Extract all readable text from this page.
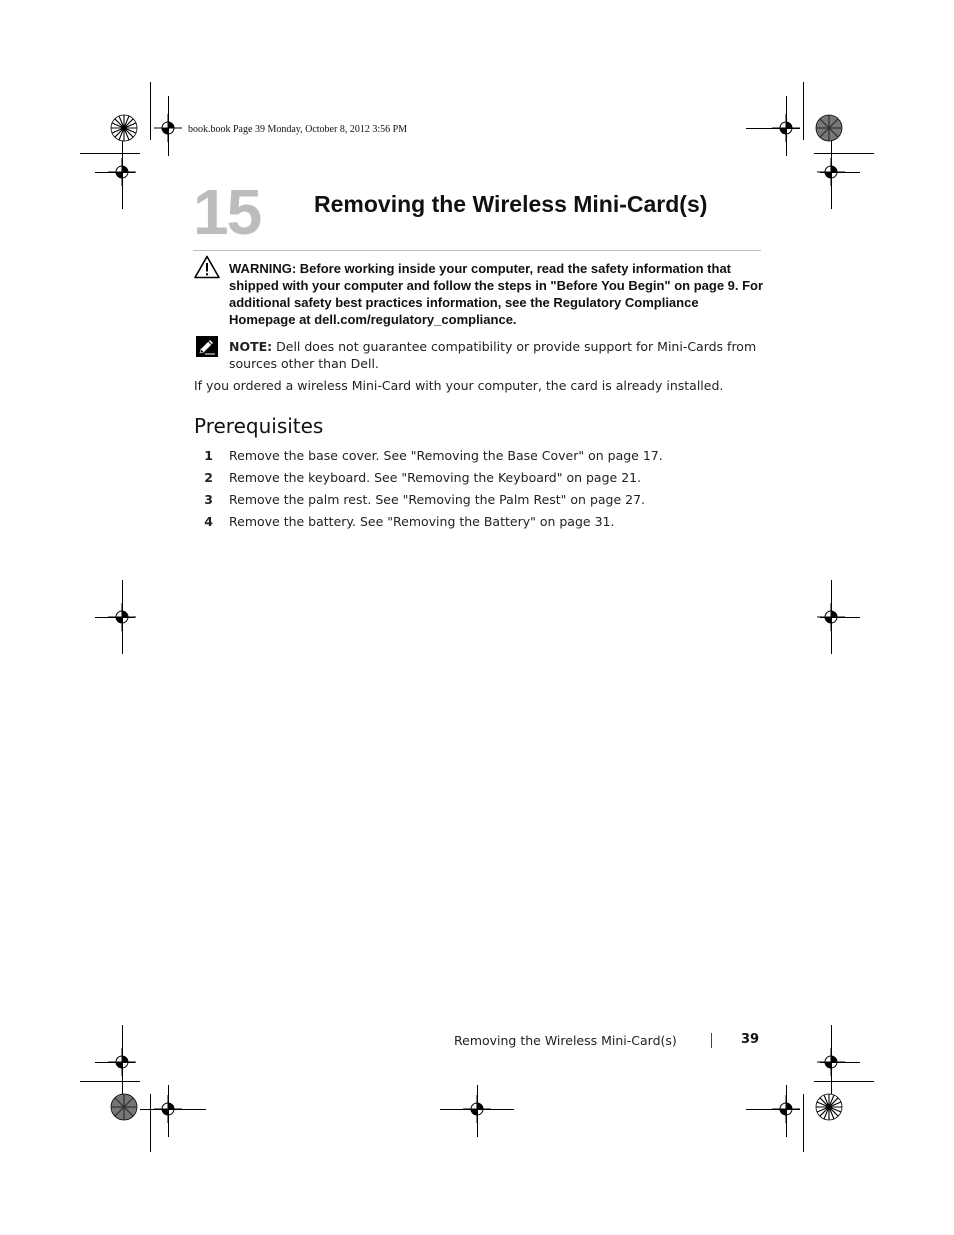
book.book Page 39 Monday, October 8, 2012 3:56 PM
15 Removing the Wireless Mini-Card(s)
WARNING: Before working inside your computer, read the safety information that shipped with your computer and follow the steps in "Before You Begin" on page 9. For additional safety best practices information, see the Regulatory Compliance Homepage at dell.com/regulatory_compliance.
NOTE: Dell does not guarantee compatibility or provide support for Mini-Cards from sources other than Dell.
If you ordered a wireless Mini-Card with your computer, the card is already installed.
Prerequisites
1 Remove the base cover. See "Removing the Base Cover" on page 17.
2 Remove the keyboard. See "Removing the Keyboard" on page 21.
3 Remove the palm rest. See "Removing the Palm Rest" on page 27.
4 Remove the battery. See "Removing the Battery" on page 31.
Removing the Wireless Mini-Card(s)	39
